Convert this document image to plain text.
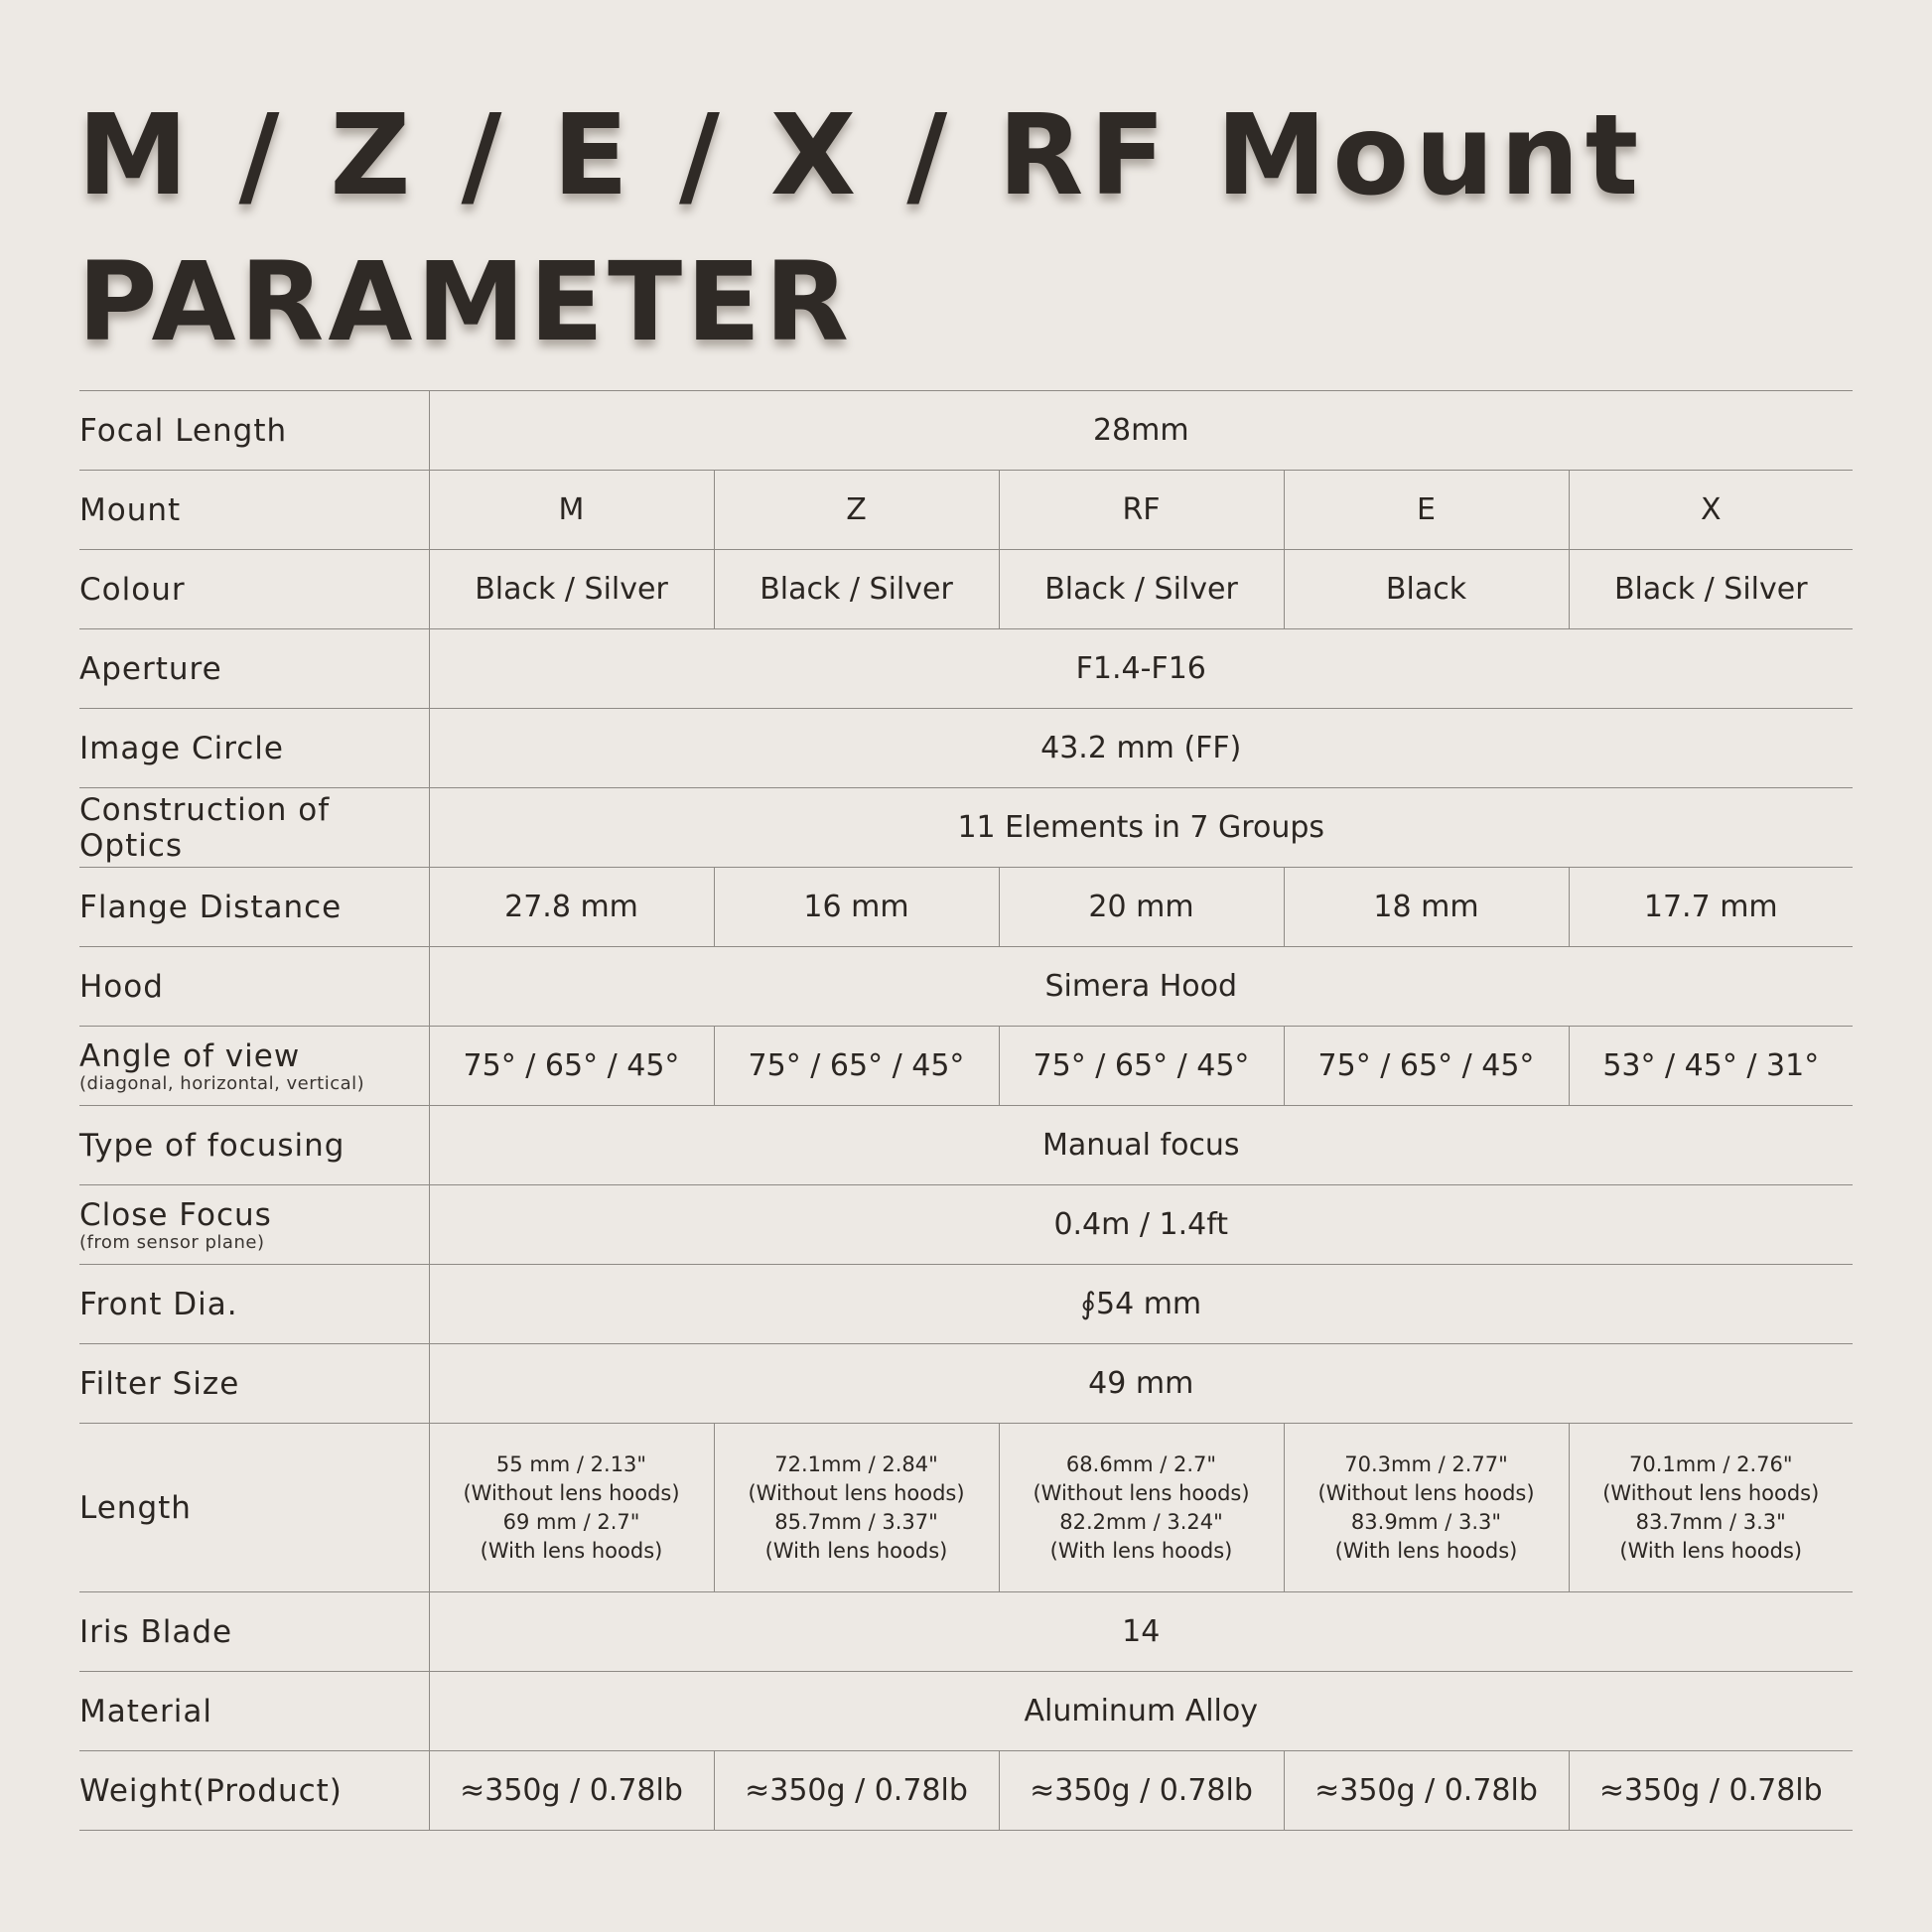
M / Z / E / X / RF Mount
PARAMETER
Focal Length	28mm				

Mount	M	Z	RF	E	X

Colour	Black / Silver	Black / Silver	Black / Silver	Black	Black / Silver

Aperture	F1.4-F16				

Image Circle	43.2 mm (FF)				

Construction of Optics	11 Elements in 7 Groups				

Flange Distance	27.8 mm	16 mm	20 mm	18 mm	17.7 mm

Hood	Simera Hood				

Angle of view
(diagonal, horizontal, vertical)	75° / 65° / 45°	75° / 65° / 45°	75° / 65° / 45°	75° / 65° / 45°	53° / 45° / 31°

Type of focusing	Manual focus				

Close Focus
(from sensor plane)	0.4m / 1.4ft				

Front Dia.	∮54 mm				

Filter Size	49 mm				

Length	55 mm / 2.13"
(Without lens hoods)
69 mm / 2.7"
(With lens hoods)	72.1mm / 2.84"
(Without lens hoods)
85.7mm / 3.37"
(With lens hoods)	68.6mm / 2.7"
(Without lens hoods)
82.2mm / 3.24"
(With lens hoods)	70.3mm / 2.77"
(Without lens hoods)
83.9mm / 3.3"
(With lens hoods)	70.1mm / 2.76"
(Without lens hoods)
83.7mm / 3.3"
(With lens hoods)

Iris Blade	14				

Material	Aluminum Alloy				

Weight(Product)	≈350g / 0.78lb	≈350g / 0.78lb	≈350g / 0.78lb	≈350g / 0.78lb	≈350g / 0.78lb
